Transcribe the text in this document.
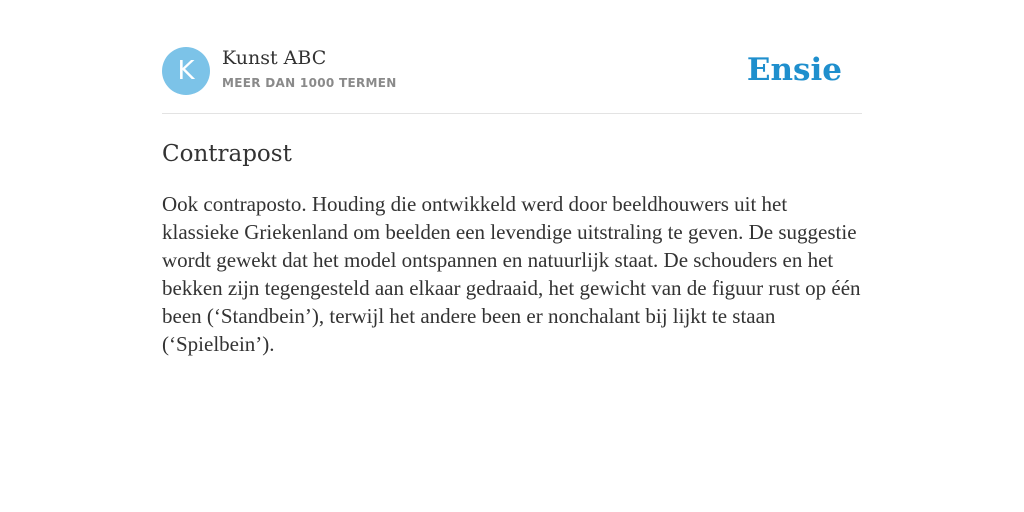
K	Kunst ABC
MEER DAN 1000 TERMEN	Ensie
Contrapost

Ook contraposto. Houding die ontwikkeld werd door beeldhouwers uit het klassieke Griekenland om beelden een levendige uitstraling te geven. De suggestie wordt gewekt dat het model ontspannen en natuurlijk staat. De schouders en het bekken zijn tegengesteld aan elkaar gedraaid, het gewicht van de figuur rust op één been (‘Standbein’), terwijl het andere been er nonchalant bij lijkt te staan (‘Spielbein’).
